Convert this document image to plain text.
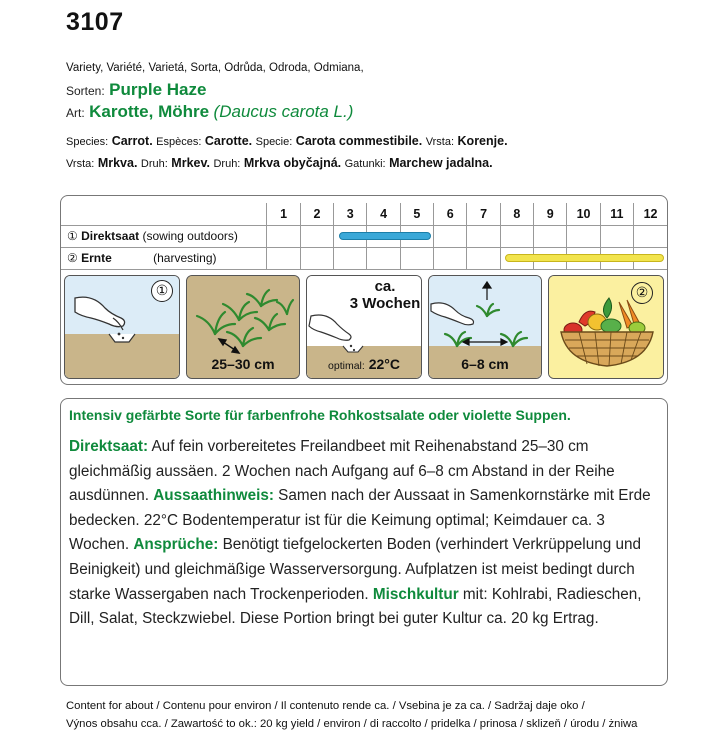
3107
Variety, Variété, Varietá, Sorta, Odrůda, Odroda, Odmiana,
Sorten: Purple Haze
Art: Karotte, Möhre (Daucus carota L.)
Species: Carrot. Espèces: Carotte. Specie: Carota commestibile. Vrsta: Korenje.
Vrsta: Mrkva. Druh: Mrkev. Druh: Mrkva obyčajná. Gatunki: Marchew jadalna.
	1	2	3	4	5	6	7	8	9	10	11	12
① Direktsaat (sowing outdoors)												
② Ernte (harvesting)												
①
25–30 cm
ca.
3 Wochen
optimal: 22°C	6–8 cm
②
Intensiv gefärbte Sorte für farbenfrohe Rohkostsalate oder violette Suppen.
Direktsaat: Auf fein vorbereitetes Freilandbeet mit Reihenabstand 25–30 cm gleichmäßig aussäen. 2 Wochen nach Aufgang auf 6–8 cm Abstand in der Reihe ausdünnen. Aussaathinweis: Samen nach der Aussaat in Samenkornstärke mit Erde bedecken. 22°C Bodentemperatur ist für die Keimung optimal; Keimdauer ca. 3 Wochen. Ansprüche: Benötigt tiefgelockerten Boden (verhindert Verkrüppelung und Beinigkeit) und gleichmäßige Wasserversorgung. Aufplatzen ist meist bedingt durch starke Wassergaben nach Trockenperioden. Mischkultur mit: Kohlrabi, Radieschen, Dill, Salat, Steckzwiebel. Diese Portion bringt bei guter Kultur ca. 20 kg Ertrag.
Content for about / Contenu pour environ / Il contenuto rende ca. / Vsebina je za ca. / Sadržaj daje oko /
Výnos obsahu cca. / Zawartość to ok.: 20 kg yield / environ / di raccolto / pridelka / prinosa / sklizeň / úrodu / żniwa
